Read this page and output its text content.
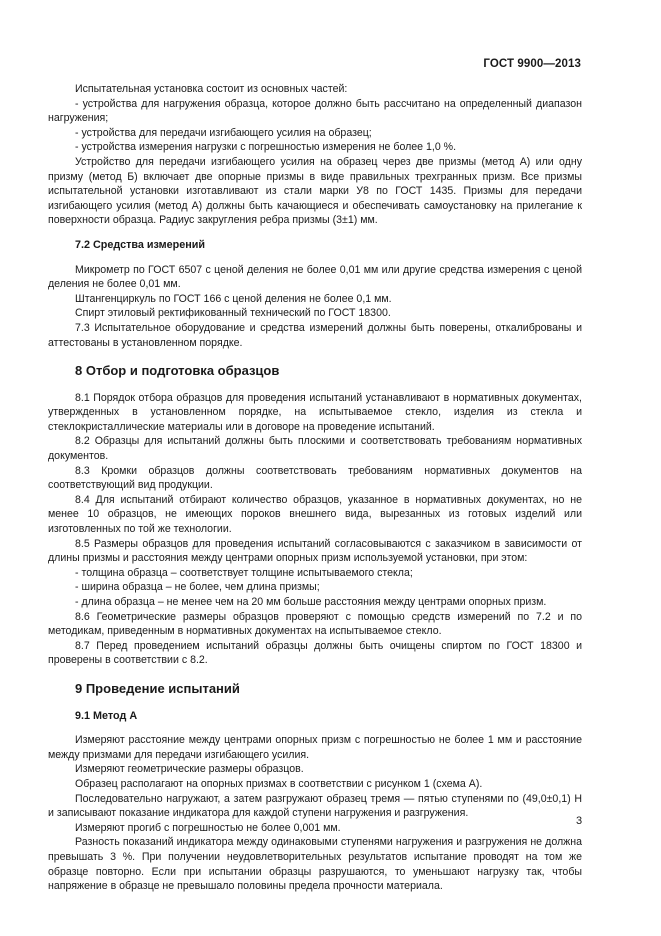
ГОСТ 9900—2013

Испытательная установка состоит из основных частей:

- устройства для нагружения образца, которое должно быть рассчитано на определенный диапазон нагружения;

- устройства для передачи изгибающего усилия на образец;

- устройства измерения нагрузки с погрешностью измерения не более 1,0 %.

Устройство для передачи изгибающего усилия на образец через две призмы (метод А) или одну призму (метод Б) включает две опорные призмы в виде правильных трехгранных призм. Все призмы испытательной установки изготавливают из стали марки У8 по ГОСТ 1435. Призмы для передачи изгибающего усилия (метод А) должны быть качающиеся и обеспечивать самоустановку на прилегание к поверхности образца. Радиус закругления ребра призмы (3±1) мм.

7.2 Средства измерений

Микрометр по ГОСТ 6507 с ценой деления не более 0,01 мм или другие средства измерения с ценой деления не более 0,01 мм.

Штангенциркуль по ГОСТ 166 с ценой деления не более 0,1 мм.

Спирт этиловый ректификованный технический по ГОСТ 18300.

7.3 Испытательное оборудование и средства измерений должны быть поверены, откалиброваны и аттестованы в установленном порядке.

8 Отбор и подготовка образцов

8.1 Порядок отбора образцов для проведения испытаний устанавливают в нормативных документах, утвержденных в установленном порядке, на испытываемое стекло, изделия из стекла и стеклокристаллические материалы или в договоре на проведение испытаний.

8.2 Образцы для испытаний должны быть плоскими и соответствовать требованиям нормативных документов.

8.3 Кромки образцов должны соответствовать требованиям нормативных документов на соответствующий вид продукции.

8.4 Для испытаний отбирают количество образцов, указанное в нормативных документах, но не менее 10 образцов, не имеющих пороков внешнего вида, вырезанных из готовых изделий или изготовленных по той же технологии.

8.5 Размеры образцов для проведения испытаний согласовываются с заказчиком в зависимости от длины призмы и расстояния между центрами опорных призм используемой установки, при этом:

- толщина образца – соответствует толщине испытываемого стекла;

- ширина образца – не более, чем длина призмы;

- длина образца – не менее чем на 20 мм больше расстояния между центрами опорных призм.

8.6 Геометрические размеры образцов проверяют с помощью средств измерений по 7.2 и по методикам, приведенным в нормативных документах на испытываемое стекло.

8.7 Перед проведением испытаний образцы должны быть очищены спиртом по ГОСТ 18300 и проверены в соответствии с 8.2.

9 Проведение испытаний

9.1 Метод А

Измеряют расстояние между центрами опорных призм с погрешностью не более 1 мм и расстояние между призмами для передачи изгибающего усилия.

Измеряют геометрические размеры образцов.

Образец располагают на опорных призмах в соответствии с рисунком 1 (схема А).

Последовательно нагружают, а затем разгружают образец тремя — пятью ступенями по (49,0±0,1) Н и записывают показание индикатора для каждой ступени нагружения и разгружения.

Измеряют прогиб с погрешностью не более 0,001 мм.

Разность показаний индикатора между одинаковыми ступенями нагружения и разгружения не должна превышать 3 %. При получении неудовлетворительных результатов испытание проводят на том же образце повторно. Если при испытании образцы разрушаются, то уменьшают нагрузку так, чтобы напряжение в образце не превышало половины предела прочности материала.

3
